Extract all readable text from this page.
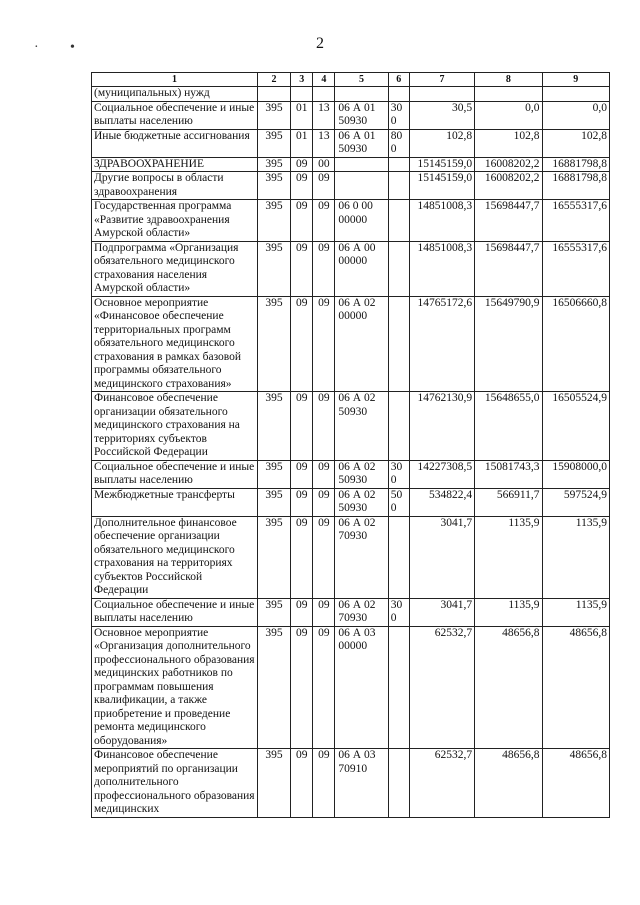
2
· •
1	2	3	4	5	6	7	8	9
(муниципальных) нужд								
Социальное обеспечение и иные выплаты населению	395	01	13	06 А 01 50930	300	30,5	0,0	0,0
Иные бюджетные ассигнования	395	01	13	06 А 01 50930	800	102,8	102,8	102,8
ЗДРАВООХРАНЕНИЕ	395	09	00			15145159,0	16008202,2	16881798,8
Другие вопросы в области здравоохранения	395	09	09			15145159,0	16008202,2	16881798,8
Государственная программа «Развитие здравоохранения Амурской области»	395	09	09	06 0 00 00000		14851008,3	15698447,7	16555317,6
Подпрограмма «Организация обязательного медицинского страхования населения Амурской области»	395	09	09	06 А 00 00000		14851008,3	15698447,7	16555317,6
Основное мероприятие «Финансовое обеспечение территориальных программ обязательного медицинского страхования в рамках базовой программы обязательного медицинского страхования»	395	09	09	06 А 02 00000		14765172,6	15649790,9	16506660,8
Финансовое обеспечение организации обязательного медицинского страхования на территориях субъектов Российской Федерации	395	09	09	06 А 02 50930		14762130,9	15648655,0	16505524,9
Социальное обеспечение и иные выплаты населению	395	09	09	06 А 02 50930	300	14227308,5	15081743,3	15908000,0
Межбюджетные трансферты	395	09	09	06 А 02 50930	500	534822,4	566911,7	597524,9
Дополнительное финансовое обеспечение организации обязательного медицинского страхования на территориях субъектов Российской Федерации	395	09	09	06 А 02 70930		3041,7	1135,9	1135,9
Социальное обеспечение и иные выплаты населению	395	09	09	06 А 02 70930	300	3041,7	1135,9	1135,9
Основное мероприятие «Организация дополнительного профессионального образования медицинских работников по программам повышения квалификации, а также приобретение и проведение ремонта медицинского оборудования»	395	09	09	06 А 03 00000		62532,7	48656,8	48656,8
Финансовое обеспечение мероприятий по организации дополнительного профессионального образования медицинских	395	09	09	06 А 03 70910		62532,7	48656,8	48656,8
